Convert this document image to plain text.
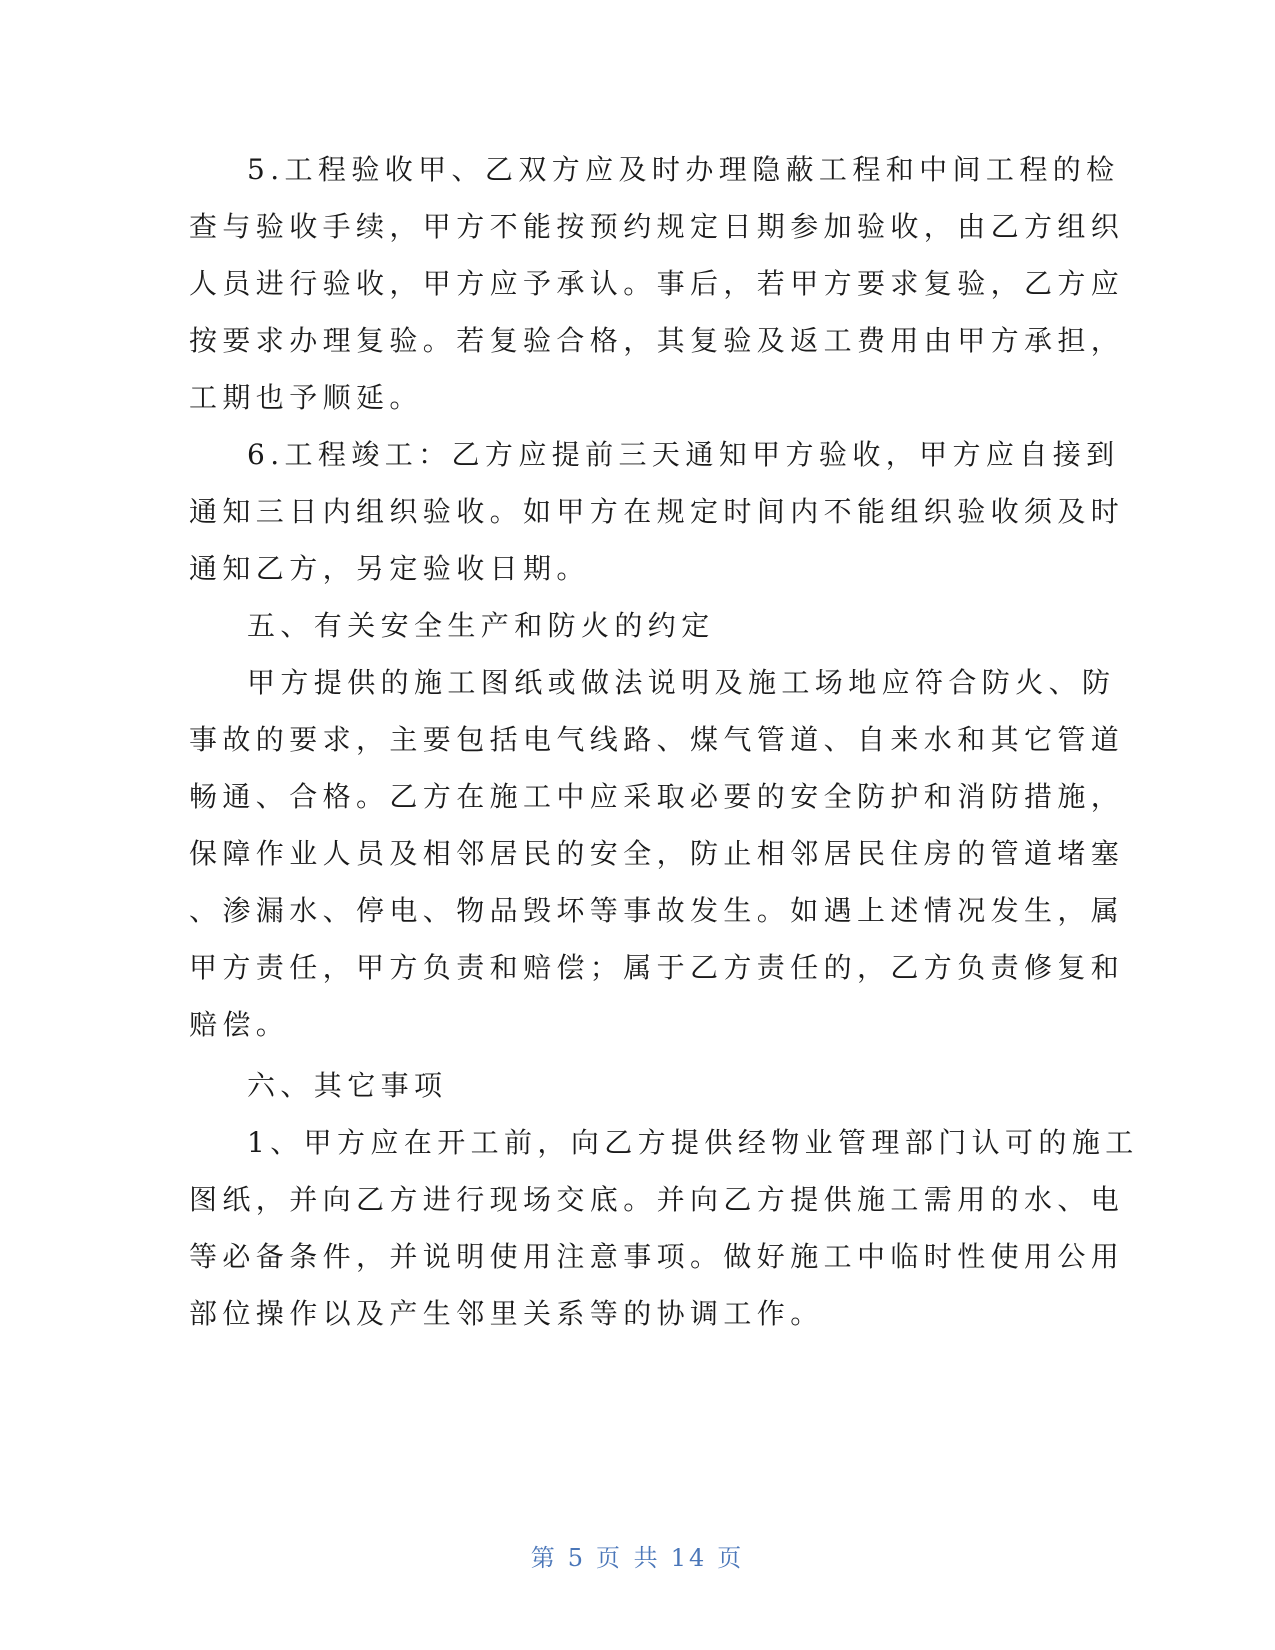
5.工程验收甲、乙双方应及时办理隐蔽工程和中间工程的检
查与验收手续，甲方不能按预约规定日期参加验收，由乙方组织
人员进行验收，甲方应予承认。事后，若甲方要求复验，乙方应
按要求办理复验。若复验合格，其复验及返工费用由甲方承担，
工期也予顺延。
6.工程竣工：乙方应提前三天通知甲方验收，甲方应自接到
通知三日内组织验收。如甲方在规定时间内不能组织验收须及时
通知乙方，另定验收日期。
五、有关安全生产和防火的约定
甲方提供的施工图纸或做法说明及施工场地应符合防火、防
事故的要求，主要包括电气线路、煤气管道、自来水和其它管道
畅通、合格。乙方在施工中应采取必要的安全防护和消防措施，
保障作业人员及相邻居民的安全，防止相邻居民住房的管道堵塞
、渗漏水、停电、物品毁坏等事故发生。如遇上述情况发生，属
甲方责任，甲方负责和赔偿；属于乙方责任的，乙方负责修复和
赔偿。
六、其它事项
1、甲方应在开工前，向乙方提供经物业管理部门认可的施工
图纸，并向乙方进行现场交底。并向乙方提供施工需用的水、电
等必备条件，并说明使用注意事项。做好施工中临时性使用公用
部位操作以及产生邻里关系等的协调工作。
第 5 页 共 14 页
